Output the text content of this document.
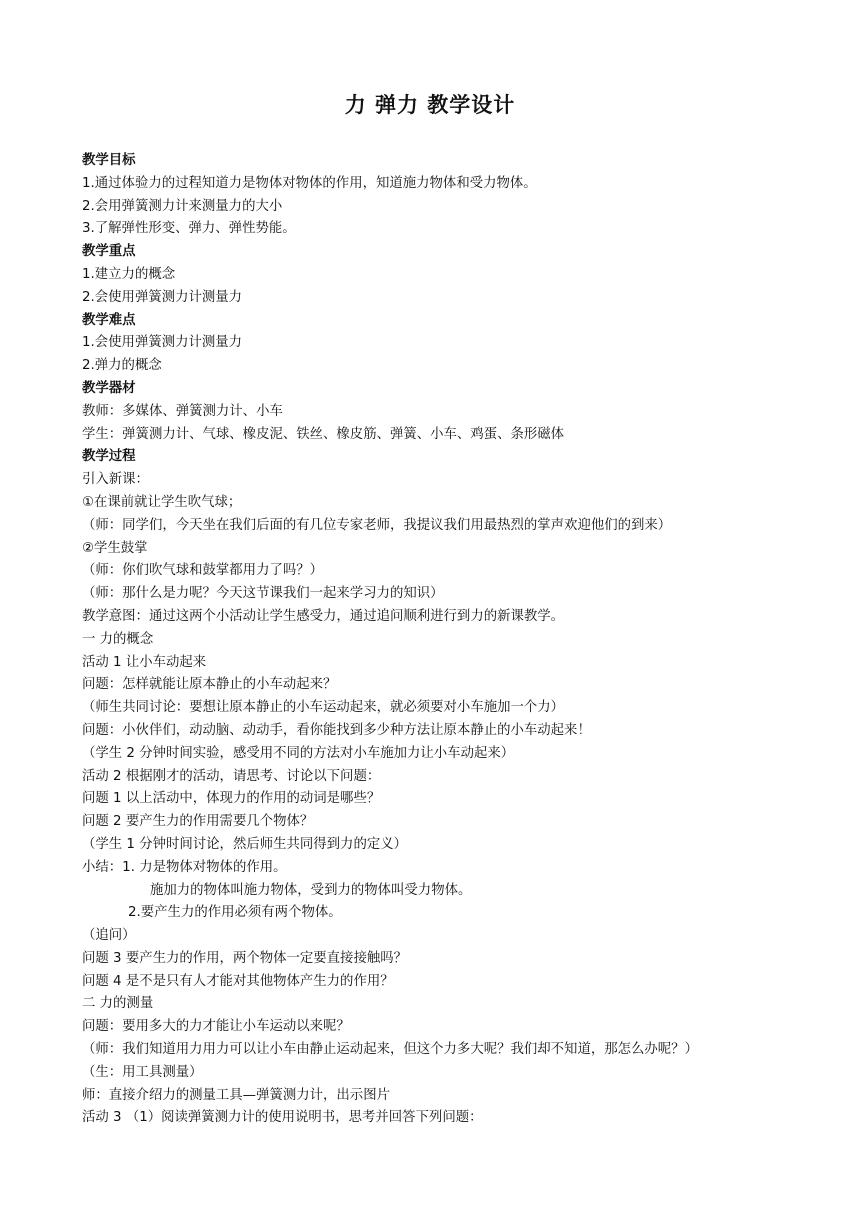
力 弹力 教学设计
教学目标
1.通过体验力的过程知道力是物体对物体的作用，知道施力物体和受力物体。
2.会用弹簧测力计来测量力的大小
3.了解弹性形变、弹力、弹性势能。
教学重点
1.建立力的概念
2.会使用弹簧测力计测量力
教学难点
1.会使用弹簧测力计测量力
2.弹力的概念
教学器材
教师：多媒体、弹簧测力计、小车
学生：弹簧测力计、气球、橡皮泥、铁丝、橡皮筋、弹簧、小车、鸡蛋、条形磁体
教学过程
引入新课：
①在课前就让学生吹气球；
（师：同学们，今天坐在我们后面的有几位专家老师，我提议我们用最热烈的掌声欢迎他们的到来）
②学生鼓掌
（师：你们吹气球和鼓掌都用力了吗？）
（师：那什么是力呢？今天这节课我们一起来学习力的知识）
教学意图：通过这两个小活动让学生感受力，通过追问顺利进行到力的新课教学。
一 力的概念
活动 1 让小车动起来
问题：怎样就能让原本静止的小车动起来？
（师生共同讨论：要想让原本静止的小车运动起来，就必须要对小车施加一个力）
问题：小伙伴们，动动脑、动动手，看你能找到多少种方法让原本静止的小车动起来！
（学生 2 分钟时间实验，感受用不同的方法对小车施加力让小车动起来）
活动 2 根据刚才的活动，请思考、讨论以下问题：
问题 1 以上活动中，体现力的作用的动词是哪些？
问题 2 要产生力的作用需要几个物体？
（学生 1 分钟时间讨论，然后师生共同得到力的定义）
小结：1. 力是物体对物体的作用。
施加力的物体叫施力物体，受到力的物体叫受力物体。
2.要产生力的作用必须有两个物体。
（追问）
问题 3 要产生力的作用，两个物体一定要直接接触吗？
问题 4 是不是只有人才能对其他物体产生力的作用？
二 力的测量
问题：要用多大的力才能让小车运动以来呢？
（师：我们知道用力用力可以让小车由静止运动起来，但这个力多大呢？我们却不知道，那怎么办呢？）
（生：用工具测量）
师：直接介绍力的测量工具—弹簧测力计，出示图片
活动 3 （1）阅读弹簧测力计的使用说明书，思考并回答下列问题：
